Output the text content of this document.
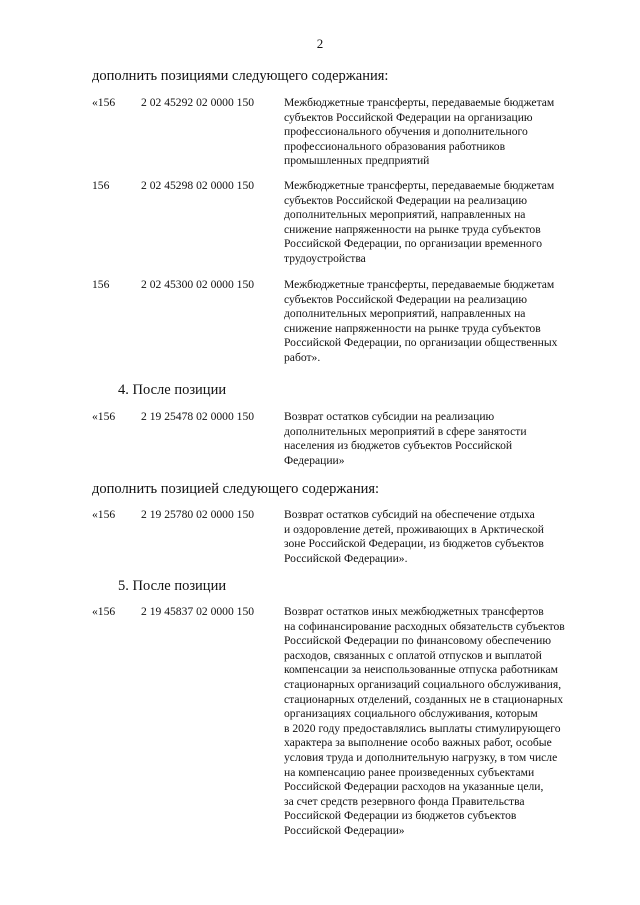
2
дополнить позициями следующего содержания:
«156 2 02 45292 02 0000 150	Межбюджетные трансферты, передаваемые бюджетам
субъектов Российской Федерации на организацию
профессионального обучения и дополнительного
профессионального образования работников
промышленных предприятий
156	2 02 45298 02 0000 150	Межбюджетные трансферты, передаваемые бюджетам
субъектов Российской Федерации на реализацию
дополнительных мероприятий, направленных на
снижение напряженности на рынке труда субъектов
Российской Федерации, по организации временного
трудоустройства
156	2 02 45300 02 0000 150	Межбюджетные трансферты, передаваемые бюджетам
субъектов Российской Федерации на реализацию
дополнительных мероприятий, направленных на
снижение напряженности на рынке труда субъектов
Российской Федерации, по организации общественных
работ».
4. После позиции
«156 2 19 25478 02 0000 150	Возврат остатков субсидии на реализацию
дополнительных мероприятий в сфере занятости
населения из бюджетов субъектов Российской
Федерации»
дополнить позицией следующего содержания:
«156 2 19 25780 02 0000 150	Возврат остатков субсидий на обеспечение отдыха
и оздоровление детей, проживающих в Арктической
зоне Российской Федерации, из бюджетов субъектов
Российской Федерации».
5. После позиции
«156 2 19 45837 02 0000 150	Возврат остатков иных межбюджетных трансфертов
на софинансирование расходных обязательств субъектов
Российской Федерации по финансовому обеспечению
расходов, связанных с оплатой отпусков и выплатой
компенсации за неиспользованные отпуска работникам
стационарных организаций социального обслуживания,
стационарных отделений, созданных не в стационарных
организациях социального обслуживания, которым
в 2020 году предоставлялись выплаты стимулирующего
характера за выполнение особо важных работ, особые
условия труда и дополнительную нагрузку, в том числе
на компенсацию ранее произведенных субъектами
Российской Федерации расходов на указанные цели,
за счет средств резервного фонда Правительства
Российской Федерации из бюджетов субъектов
Российской Федерации»
